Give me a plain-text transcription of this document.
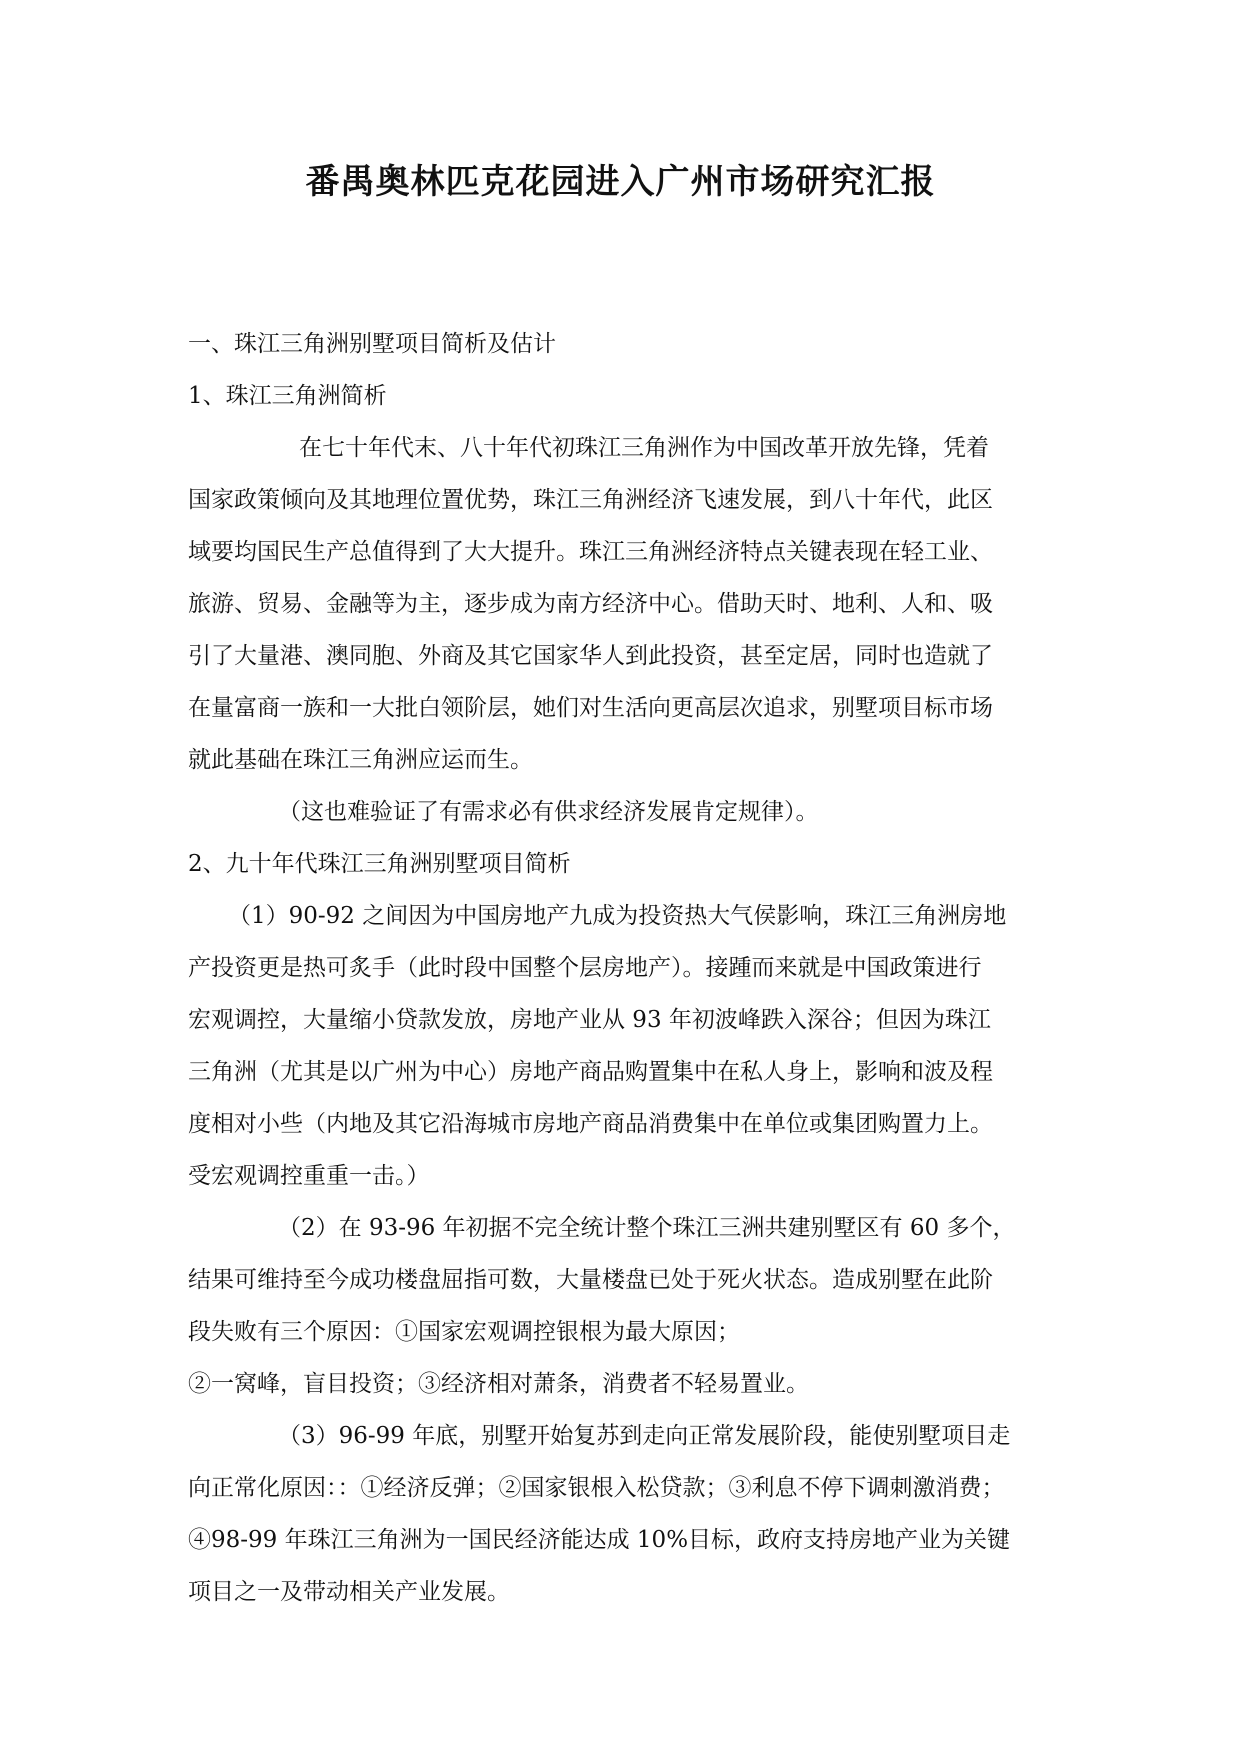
番禺奥林匹克花园进入广州市场研究汇报
一、珠江三角洲别墅项目简析及估计
1、珠江三角洲简析
在七十年代末、八十年代初珠江三角洲作为中国改革开放先锋，凭着
国家政策倾向及其地理位置优势，珠江三角洲经济飞速发展，到八十年代，此区
域要均国民生产总值得到了大大提升。珠江三角洲经济特点关键表现在轻工业、
旅游、贸易、金融等为主，逐步成为南方经济中心。借助天时、地利、人和、吸
引了大量港、澳同胞、外商及其它国家华人到此投资，甚至定居，同时也造就了
在量富商一族和一大批白领阶层，她们对生活向更高层次追求，别墅项目标市场
就此基础在珠江三角洲应运而生。
（这也难验证了有需求必有供求经济发展肯定规律）。
2、九十年代珠江三角洲别墅项目简析
（1）90-92 之间因为中国房地产九成为投资热大气侯影响，珠江三角洲房地
产投资更是热可炙手（此时段中国整个层房地产）。接踵而来就是中国政策进行
宏观调控，大量缩小贷款发放，房地产业从 93 年初波峰跌入深谷；但因为珠江
三角洲（尤其是以广州为中心）房地产商品购置集中在私人身上，影响和波及程
度相对小些（内地及其它沿海城市房地产商品消费集中在单位或集团购置力上。
受宏观调控重重一击。）
（2）在 93-96 年初据不完全统计整个珠江三洲共建别墅区有 60 多个，
结果可维持至今成功楼盘屈指可数，大量楼盘已处于死火状态。造成别墅在此阶
段失败有三个原因：①国家宏观调控银根为最大原因；
②一窝峰，盲目投资；③经济相对萧条，消费者不轻易置业。
（3）96-99 年底，别墅开始复苏到走向正常发展阶段，能使别墅项目走
向正常化原因：：①经济反弹；②国家银根入松贷款；③利息不停下调刺激消费；
④98-99 年珠江三角洲为一国民经济能达成 10%目标，政府支持房地产业为关键
项目之一及带动相关产业发展。
